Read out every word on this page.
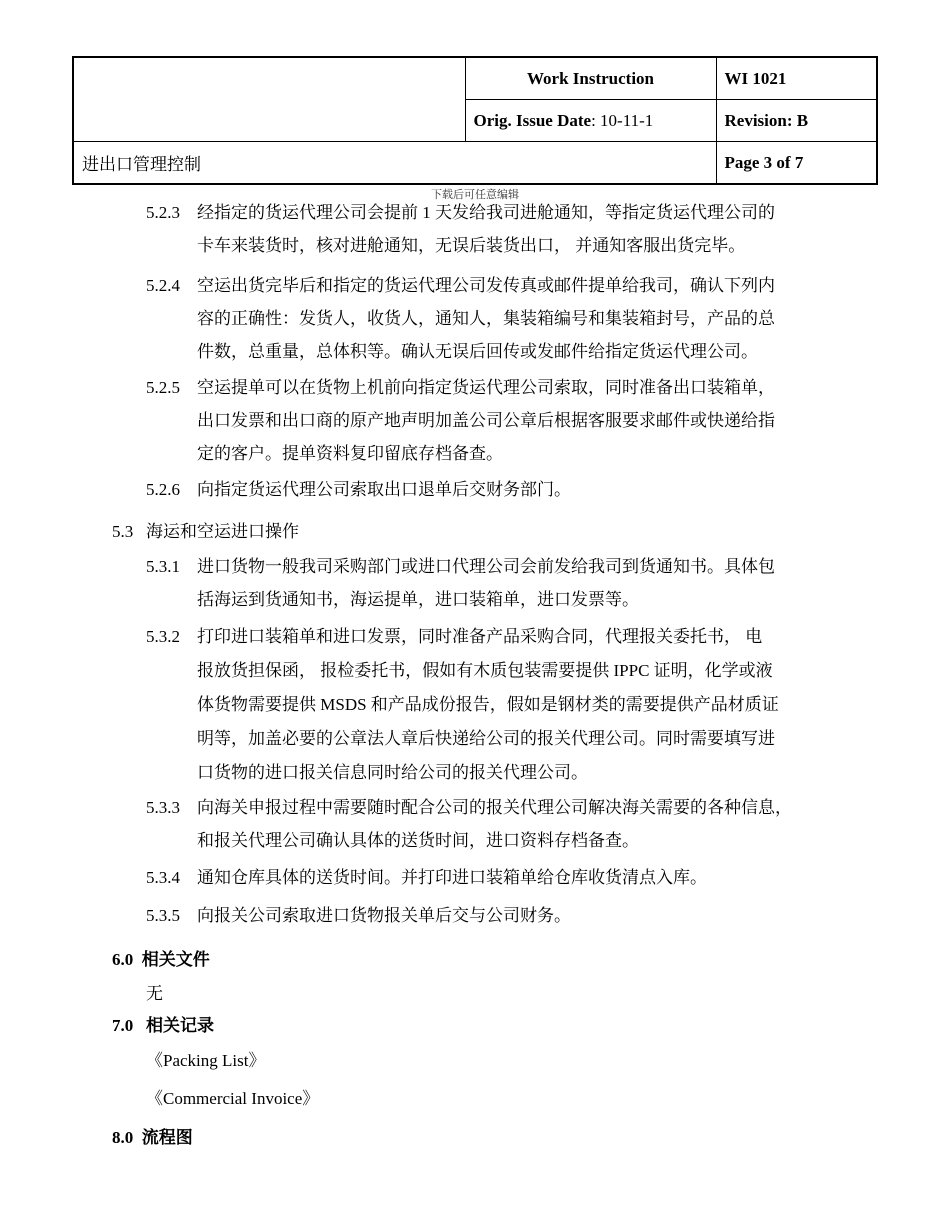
	Work Instruction	WI 1021
	Orig. Issue Date: 10-11-1	Revision: B
进出口管理控制		Page 3 of 7
下载后可任意编辑
5.2.3 经指定的货运代理公司会提前 1 天发给我司进舱通知，等指定货运代理公司的
卡车来装货时，核对进舱通知，无误后装货出口， 并通知客服出货完毕。
5.2.4 空运出货完毕后和指定的货运代理公司发传真或邮件提单给我司，确认下列内
容的正确性：发货人，收货人，通知人，集装箱编号和集装箱封号，产品的总
件数，总重量，总体积等。确认无误后回传或发邮件给指定货运代理公司。
5.2.5 空运提单可以在货物上机前向指定货运代理公司索取，同时准备出口装箱单，
出口发票和出口商的原产地声明加盖公司公章后根据客服要求邮件或快递给指
定的客户。提单资料复印留底存档备查。
5.2.6 向指定货运代理公司索取出口退单后交财务部门。
5.3 海运和空运进口操作
5.3.1 进口货物一般我司采购部门或进口代理公司会前发给我司到货通知书。具体包
括海运到货通知书，海运提单，进口装箱单，进口发票等。
5.3.2 打印进口装箱单和进口发票，同时准备产品采购合同，代理报关委托书， 电
报放货担保函， 报检委托书，假如有木质包装需要提供 IPPC 证明，化学或液
体货物需要提供 MSDS 和产品成份报告，假如是钢材类的需要提供产品材质证
明等，加盖必要的公章法人章后快递给公司的报关代理公司。同时需要填写进
口货物的进口报关信息同时给公司的报关代理公司。
5.3.3 向海关申报过程中需要随时配合公司的报关代理公司解决海关需要的各种信息，
和报关代理公司确认具体的送货时间，进口资料存档备查。
5.3.4 通知仓库具体的送货时间。并打印进口装箱单给仓库收货清点入库。
5.3.5 向报关公司索取进口货物报关单后交与公司财务。
6.0 相关文件
无
7.0 相关记录
《Packing List》
《Commercial Invoice》
8.0 流程图
